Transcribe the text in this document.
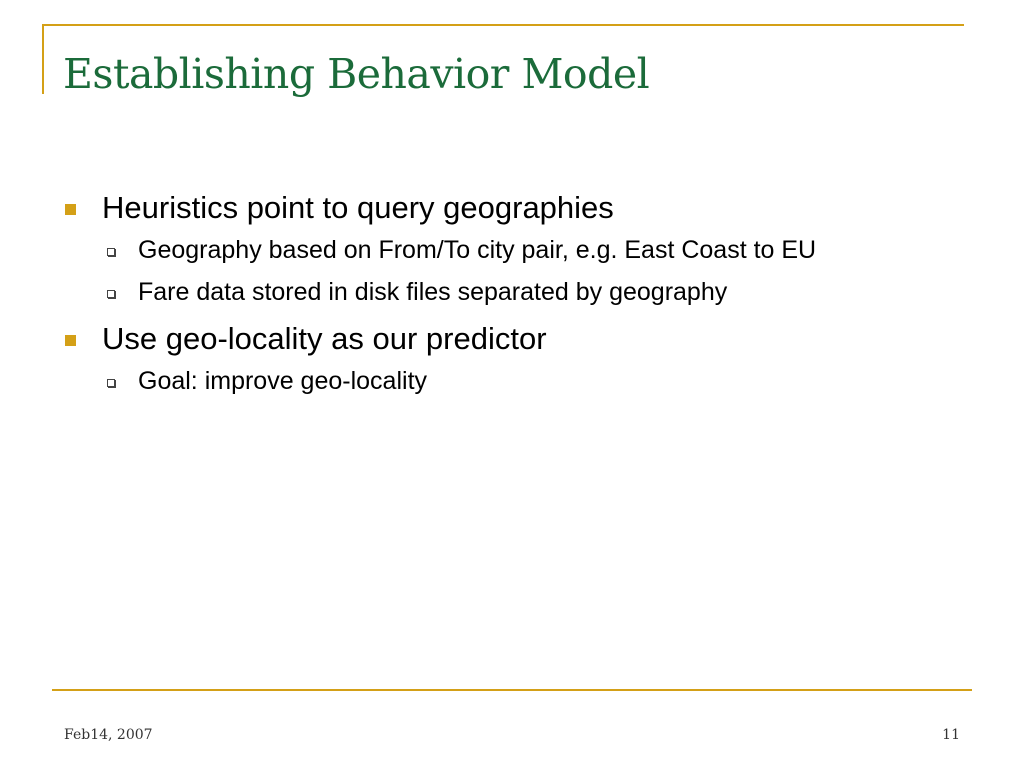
Establishing Behavior Model
Heuristics point to query geographies
Geography based on From/To city pair, e.g. East Coast to EU
Fare data stored in disk files separated by geography
Use geo-locality as our predictor
Goal: improve geo-locality
Feb14, 2007	11
